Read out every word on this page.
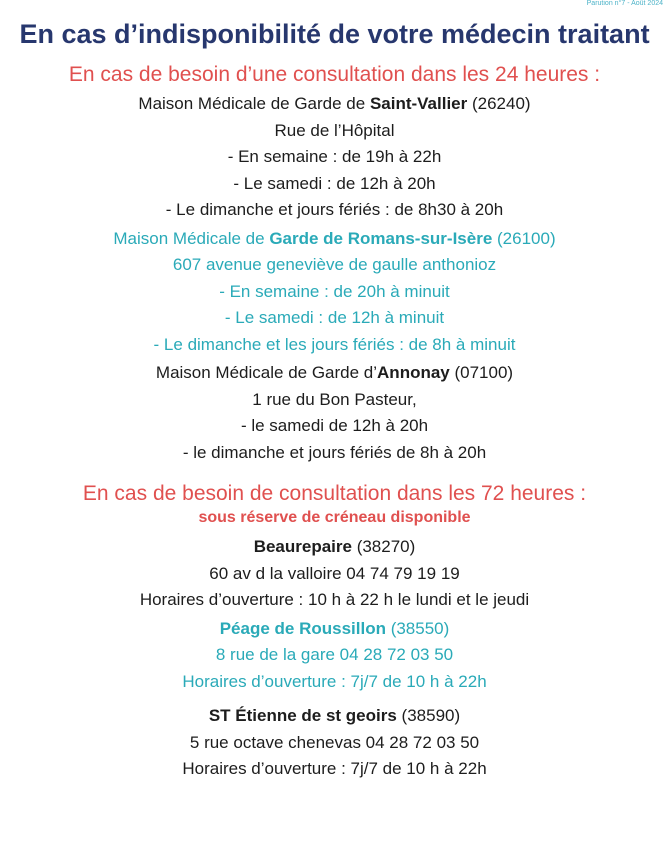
Parution n°7 - Août 2024
En cas d’indisponibilité de votre médecin traitant
En cas de besoin d’une consultation dans les 24 heures :
Maison Médicale de Garde de Saint-Vallier (26240)
Rue de l’Hôpital
- En semaine : de 19h à 22h
- Le samedi : de 12h à 20h
- Le dimanche et jours fériés : de 8h30 à 20h
Maison Médicale de Garde de Romans-sur-Isère (26100)
607 avenue geneviève de gaulle anthonioz
- En semaine : de 20h à minuit
- Le samedi : de 12h à minuit
- Le dimanche et les jours fériés : de 8h à minuit
Maison Médicale de Garde d’Annonay (07100)
1 rue du Bon Pasteur,
- le samedi de 12h à 20h
- le dimanche et jours fériés de 8h à 20h
En cas de besoin de consultation dans les 72 heures :
sous réserve de créneau disponible
Beaurepaire (38270)
60 av d la valloire 04 74 79 19 19
Horaires d’ouverture : 10 h à 22 h le lundi et le jeudi
Péage de Roussillon (38550)
8 rue de la gare 04 28 72 03 50
Horaires d’ouverture : 7j/7 de 10 h à 22h
ST Étienne de st geoirs (38590)
5 rue octave chenevas 04 28 72 03 50
Horaires d’ouverture : 7j/7 de 10 h à 22h
